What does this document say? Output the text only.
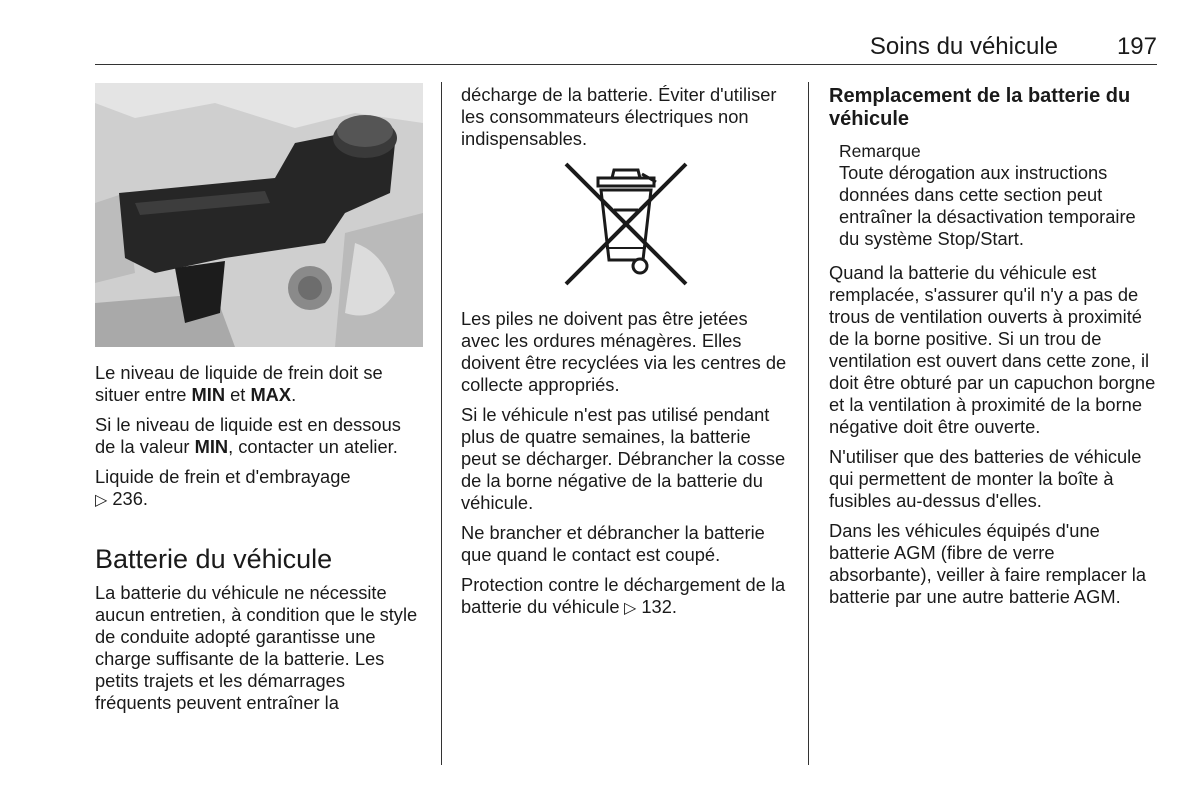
Soins du véhicule 197

Le niveau de liquide de frein doit se situer entre MIN et MAX.

Si le niveau de liquide est en dessous de la valeur MIN, contacter un atelier.

Liquide de frein et d'embrayage
▷ 236.

Batterie du véhicule

La batterie du véhicule ne nécessite aucun entretien, à condition que le style de conduite adopté garantisse une charge suffisante de la batterie. Les petits trajets et les démarrages fréquents peuvent entraîner la

décharge de la batterie. Éviter d'utiliser les consommateurs électriques non indispensables.

Les piles ne doivent pas être jetées avec les ordures ménagères. Elles doivent être recyclées via les centres de collecte appropriés.

Si le véhicule n'est pas utilisé pendant plus de quatre semaines, la batterie peut se décharger. Débrancher la cosse de la borne négative de la batterie du véhicule.

Ne brancher et débrancher la batterie que quand le contact est coupé.

Protection contre le déchargement de la batterie du véhicule ▷ 132.

Remplacement de la batterie du véhicule
Remarque

Toute dérogation aux instructions données dans cette section peut entraîner la désactivation temporaire du système Stop/Start.

Quand la batterie du véhicule est remplacée, s'assurer qu'il n'y a pas de trous de ventilation ouverts à proximité de la borne positive. Si un trou de ventilation est ouvert dans cette zone, il doit être obturé par un capuchon borgne et la ventilation à proximité de la borne négative doit être ouverte.

N'utiliser que des batteries de véhicule qui permettent de monter la boîte à fusibles au-dessus d'elles.

Dans les véhicules équipés d'une batterie AGM (fibre de verre absorbante), veiller à faire remplacer la batterie par une autre batterie AGM.
